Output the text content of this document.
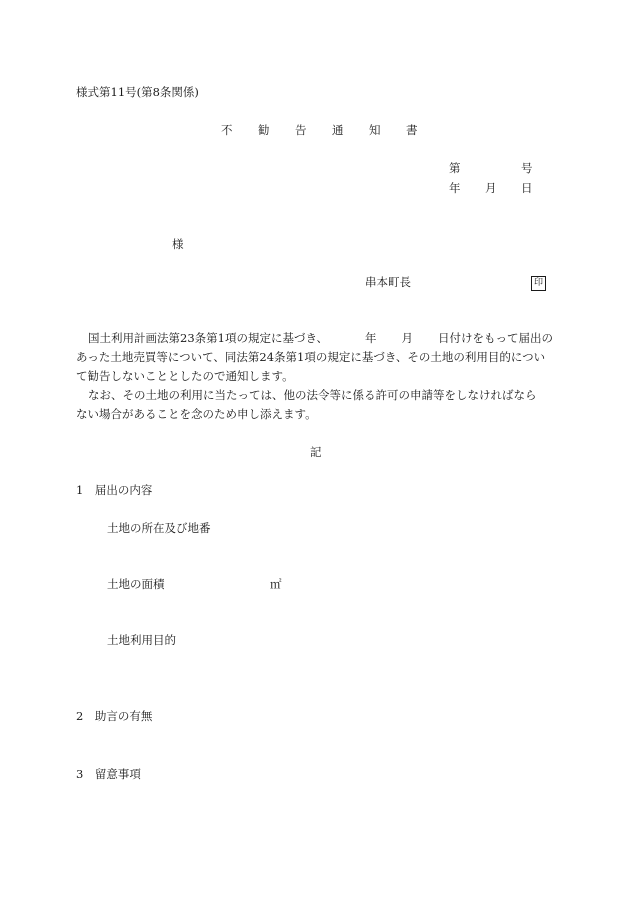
様式第11号(第8条関係)
不	勧	告	通	知	書
第	号
年 月 日
様
串本町長	印
国土利用計画法第23条第1項の規定に基づき、	年 月 日付けをもって届出の
あった土地売買等について、同法第24条第1項の規定に基づき、その土地の利用目的につい
て勧告しないこととしたので通知します。
なお、その土地の利用に当たっては、他の法令等に係る許可の申請等をしなければなら
ない場合があることを念のため申し添えます。
記
1　届出の内容
土地の所在及び地番
土地の面積	㎡
土地利用目的
2　助言の有無
3　留意事項
